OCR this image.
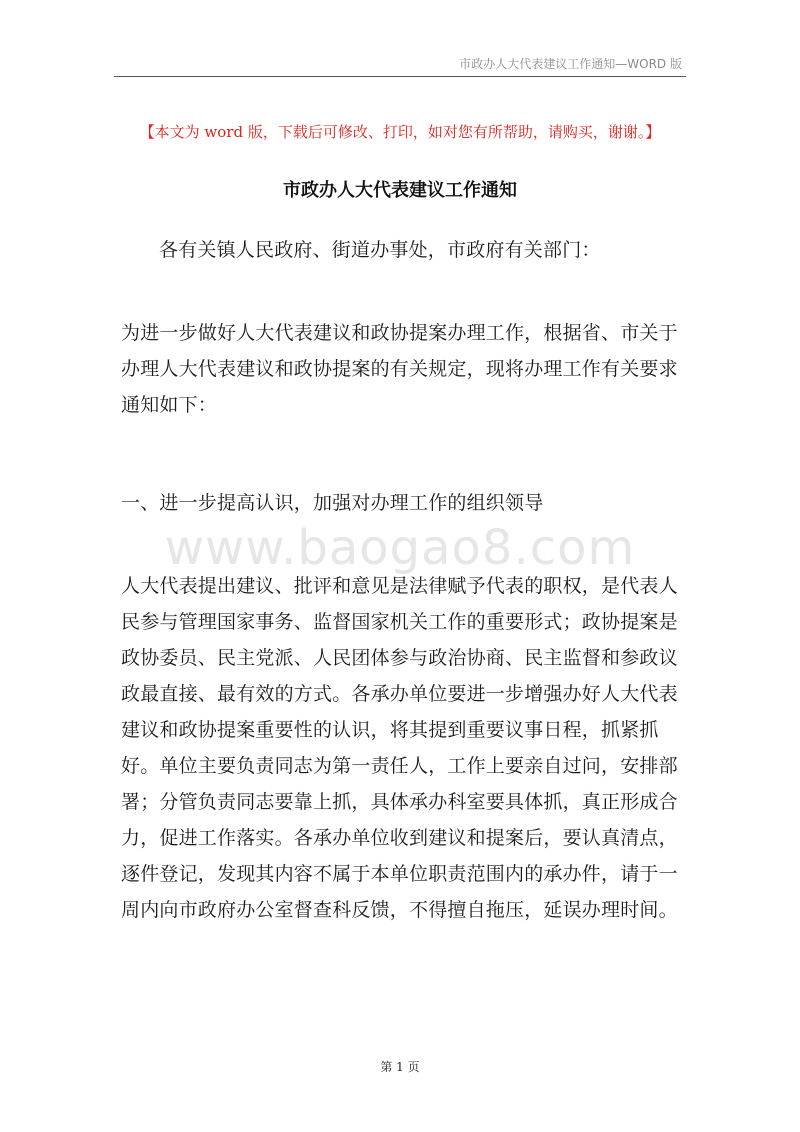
市政办人大代表建议工作通知—WORD 版
【本文为 word 版，下载后可修改、打印，如对您有所帮助，请购买，谢谢。】
市政办人大代表建议工作通知

各有关镇人民政府、街道办事处，市政府有关部门：

为进一步做好人大代表建议和政协提案办理工作，根据省、市关于办理人大代表建议和政协提案的有关规定，现将办理工作有关要求通知如下：

一、进一步提高认识，加强对办理工作的组织领导

www.baogao8.com

人大代表提出建议、批评和意见是法律赋予代表的职权，是代表人民参与管理国家事务、监督国家机关工作的重要形式；政协提案是政协委员、民主党派、人民团体参与政治协商、民主监督和参政议政最直接、最有效的方式。各承办单位要进一步增强办好人大代表建议和政协提案重要性的认识，将其提到重要议事日程，抓紧抓好。单位主要负责同志为第一责任人，工作上要亲自过问，安排部署；分管负责同志要靠上抓，具体承办科室要具体抓，真正形成合力，促进工作落实。各承办单位收到建议和提案后，要认真清点，逐件登记，发现其内容不属于本单位职责范围内的承办件，请于一周内向市政府办公室督查科反馈，不得擅自拖压，延误办理时间。

第 1 页
